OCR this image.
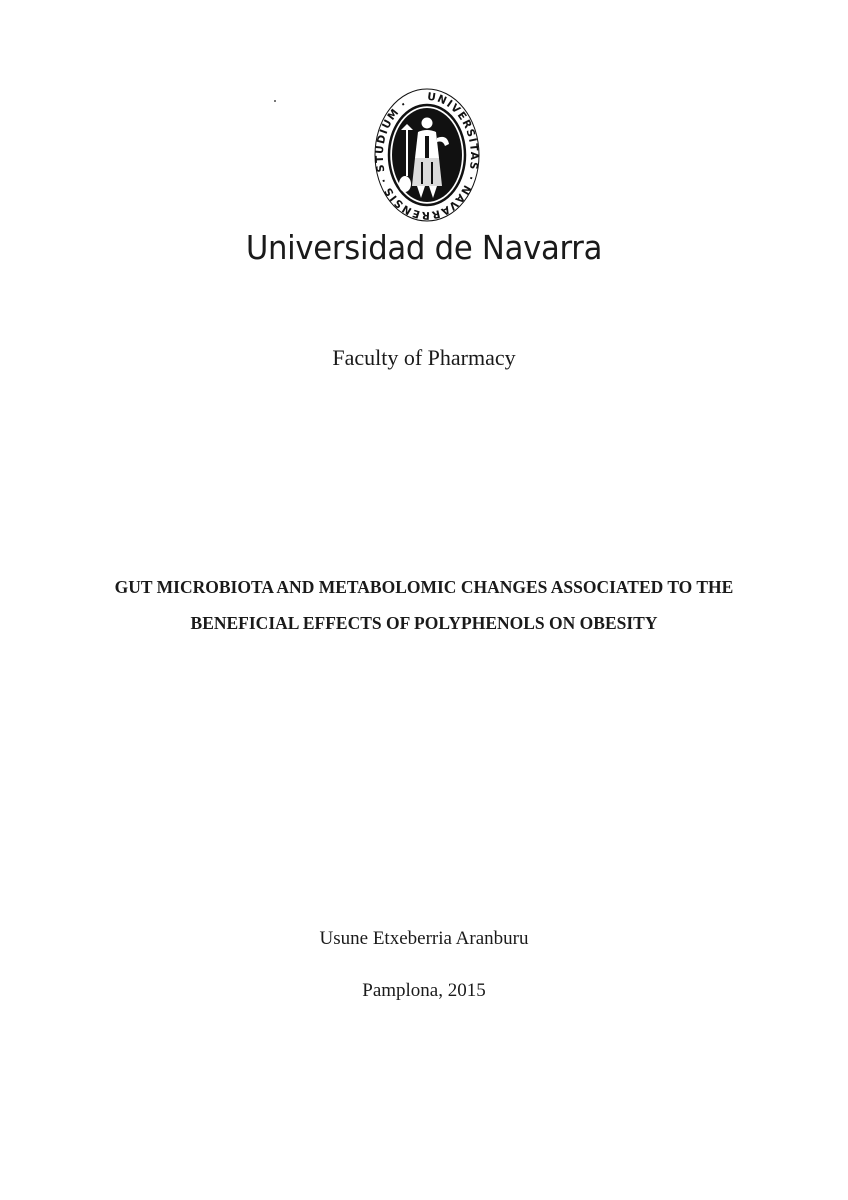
UNIVERSITAS · NAVARRENSIS · STUDIUM ·
Universidad de Navarra
Faculty of Pharmacy
GUT MICROBIOTA AND METABOLOMIC CHANGES ASSOCIATED TO THE
BENEFICIAL EFFECTS OF POLYPHENOLS ON OBESITY
Usune Etxeberria Aranburu
Pamplona, 2015
